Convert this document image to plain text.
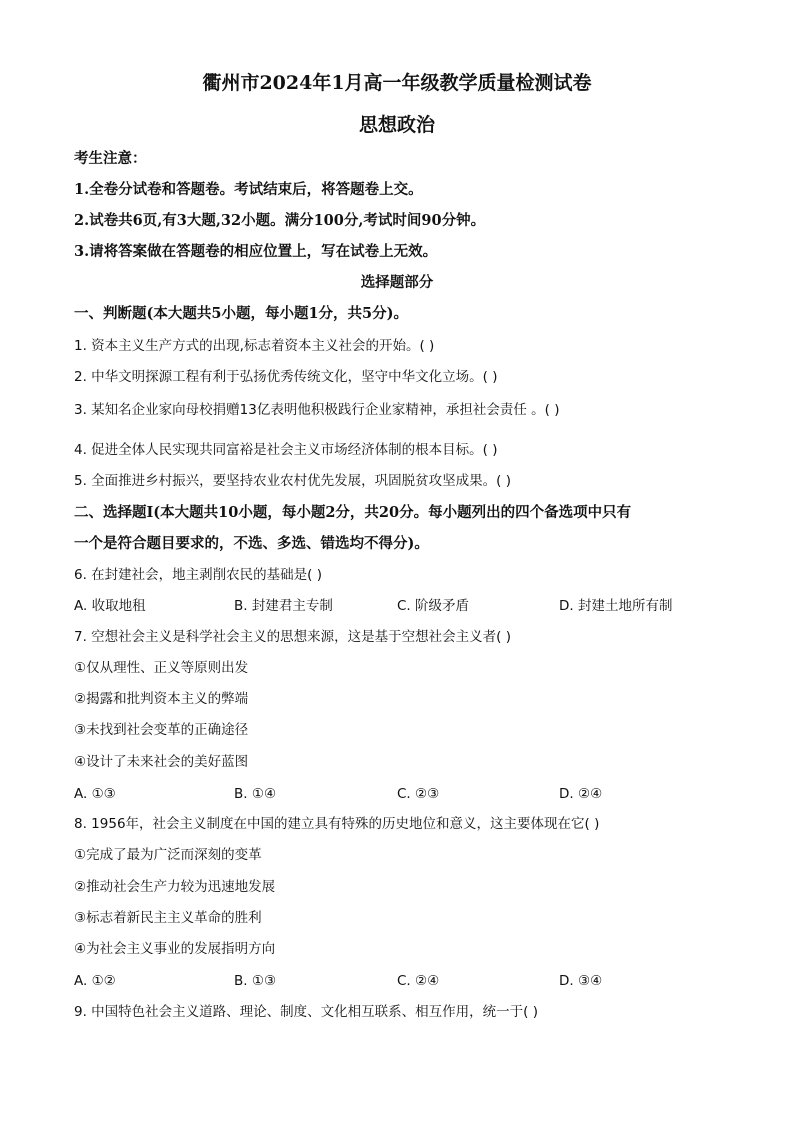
衢州市2024年1月高一年级教学质量检测试卷
思想政治
考生注意：
1.全卷分试卷和答题卷。考试结束后，将答题卷上交。
2.试卷共6页,有3大题,32小题。满分100分,考试时间90分钟。
3.请将答案做在答题卷的相应位置上，写在试卷上无效。
选择题部分
一、判断题(本大题共5小题，每小题1分，共5分)。
1. 资本主义生产方式的出现,标志着资本主义社会的开始。( )
2. 中华文明探源工程有利于弘扬优秀传统文化，坚守中华文化立场。( )
3. 某知名企业家向母校捐赠13亿表明他积极践行企业家精神，承担社会责任 。( )
4. 促进全体人民实现共同富裕是社会主义市场经济体制的根本目标。( )
5. 全面推进乡村振兴，要坚持农业农村优先发展，巩固脱贫攻坚成果。( )
二、选择题Ⅰ(本大题共10小题，每小题2分，共20分。每小题列出的四个备选项中只有
一个是符合题目要求的，不选、多选、错选均不得分)。
6. 在封建社会，地主剥削农民的基础是( )
A. 收取地租	B. 封建君主专制	C. 阶级矛盾	D. 封建土地所有制
7. 空想社会主义是科学社会主义的思想来源，这是基于空想社会主义者( )
①仅从理性、正义等原则出发
②揭露和批判资本主义的弊端
③未找到社会变革的正确途径
④设计了未来社会的美好蓝图
A. ①③	B. ①④	C. ②③	D. ②④
8. 1956年，社会主义制度在中国的建立具有特殊的历史地位和意义，这主要体现在它( )
①完成了最为广泛而深刻的变革
②推动社会生产力较为迅速地发展
③标志着新民主主义革命的胜利
④为社会主义事业的发展指明方向
A. ①②	B. ①③	C. ②④	D. ③④
9. 中国特色社会主义道路、理论、制度、文化相互联系、相互作用，统一于( )
